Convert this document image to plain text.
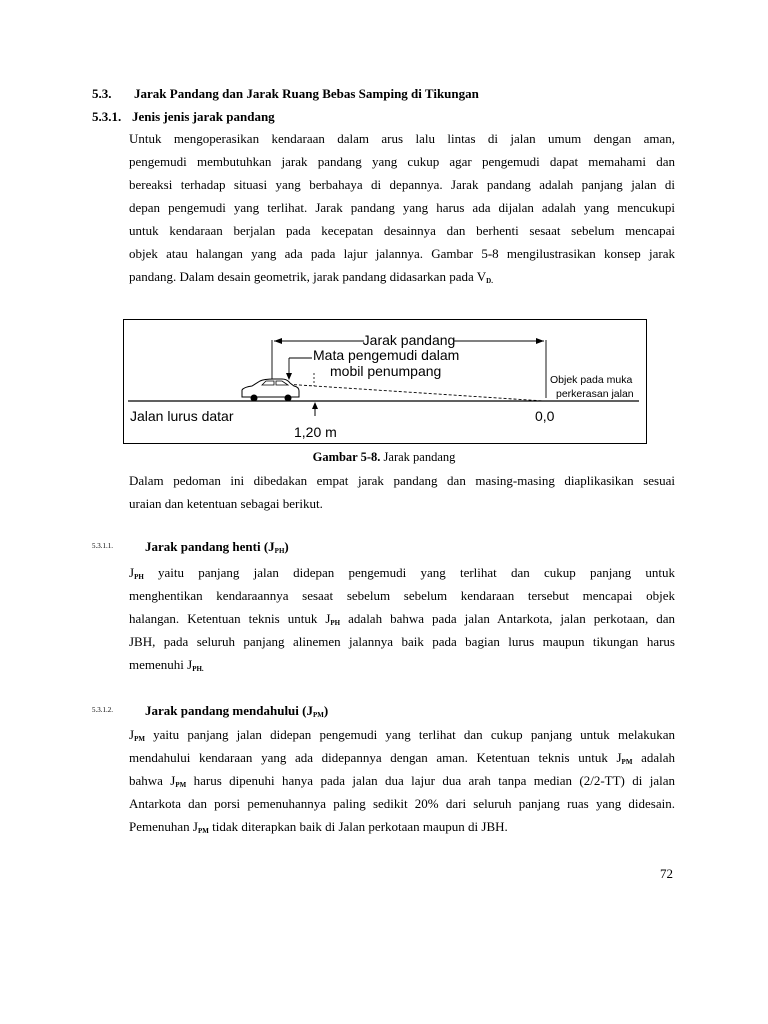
5.3. Jarak Pandang dan Jarak Ruang Bebas Samping di Tikungan
5.3.1. Jenis jenis jarak pandang
Untuk mengoperasikan kendaraan dalam arus lalu lintas di jalan umum dengan aman,
pengemudi membutuhkan jarak pandang yang cukup agar pengemudi dapat memahami dan
bereaksi terhadap situasi yang berbahaya di depannya. Jarak pandang adalah panjang jalan di
depan pengemudi yang terlihat. Jarak pandang yang harus ada dijalan adalah yang mencukupi
untuk kendaraan berjalan pada kecepatan desainnya dan berhenti sesaat sebelum mencapai
objek atau halangan yang ada pada lajur jalannya. Gambar 5-8 mengilustrasikan konsep jarak
pandang. Dalam desain geometrik, jarak pandang didasarkan pada $V_{D.}$
Jarak pandang
Mata pengemudi dalam
mobil penumpang
Jalan lurus datar
1,20 m
0,0
Objek pada muka
perkerasan jalan
Gambar 5-8. Jarak pandang
Dalam pedoman ini dibedakan empat jarak pandang dan masing-masing diaplikasikan sesuai
uraian dan ketentuan sebagai berikut.
5.3.1.1. Jarak pandang henti $(J_{PH})$
$J_{PH}$ yaitu panjang jalan didepan pengemudi yang terlihat dan cukup panjang untuk
menghentikan kendaraannya sesaat sebelum sebelum kendaraan tersebut mencapai objek
halangan. Ketentuan teknis untuk $J_{PH}$ adalah bahwa pada jalan Antarkota, jalan perkotaan, dan
JBH, pada seluruh panjang alinemen jalannya baik pada bagian lurus maupun tikungan harus
memenuhi $J_{PH.}$
5.3.1.2. Jarak pandang mendahului $(J_{PM})$
$J_{PM}$ yaitu panjang jalan didepan pengemudi yang terlihat dan cukup panjang untuk melakukan
mendahului kendaraan yang ada didepannya dengan aman. Ketentuan teknis untuk $J_{PM}$ adalah
bahwa $J_{PM}$ harus dipenuhi hanya pada jalan dua lajur dua arah tanpa median (2/2-TT) di jalan
Antarkota dan porsi pemenuhannya paling sedikit 20% dari seluruh panjang ruas yang didesain.
Pemenuhan $J_{PM}$ tidak diterapkan baik di Jalan perkotaan maupun di JBH.
72
